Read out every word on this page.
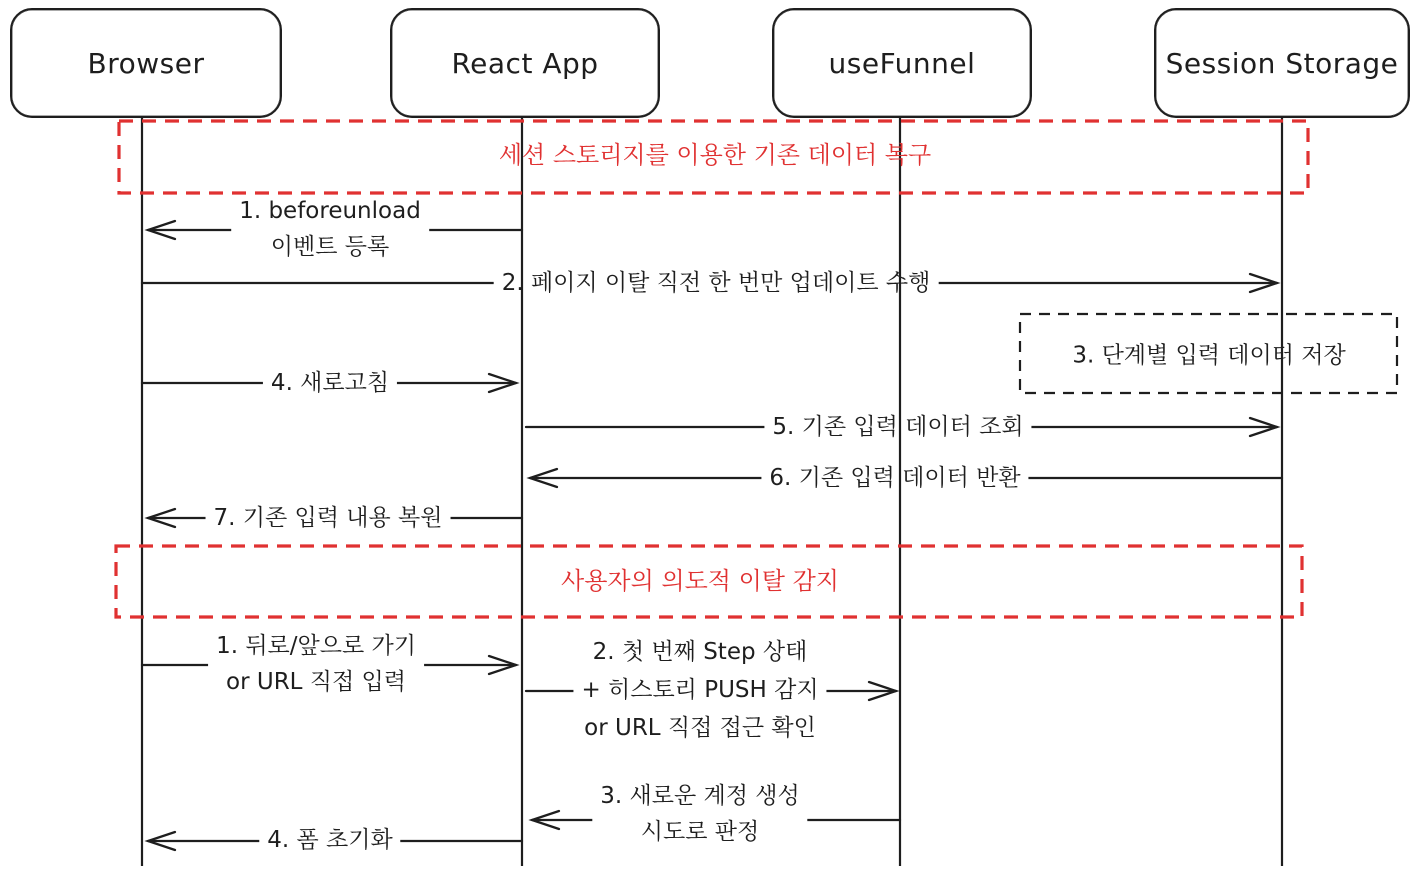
1. beforeunload
이벤트 등록
2. 페이지 이탈 직전 한 번만 업데이트 수행
4. 새로고침
5. 기존 입력 데이터 조회
6. 기존 입력 데이터 반환
7. 기존 입력 내용 복원
1. 뒤로/앞으로 가기
or URL 직접 입력
2. 첫 번째 Step 상태
+ 히스토리 PUSH 감지
or URL 직접 접근 확인
3. 새로운 계정 생성
시도로 판정
4. 폼 초기화
세션 스토리지를 이용한 기존 데이터 복구
사용자의 의도적 이탈 감지
3. 단계별 입력 데이터 저장
Browser	React App	useFunnel	Session Storage
